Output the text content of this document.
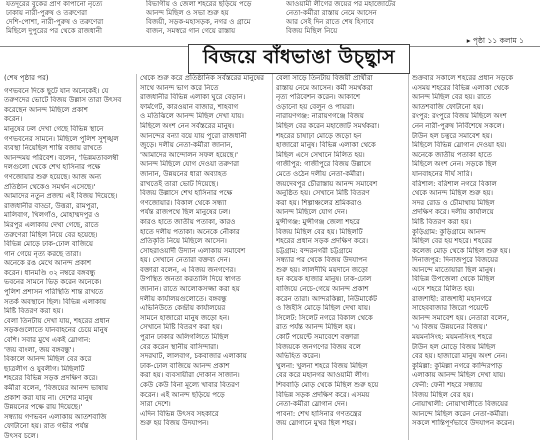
যতদূরের বুকের প্রাণ কাপানো নৃত্যে

ঢাকায় নারী-পুরুষ ও তরুণেরা

দেশি-পোশা, নারী-পুরুষ ও তরুণেরা

মিছিলে দুপুরের পর থেকে রাজধানী

বিভাগীয় ও জেলা শহরের ছড়িয়ে পড়ে

আনন্দ মিছিল ও সভা শুরু হয়

বিজয়ী, সড়ক-মহাসড়ক, নগর ও গ্রামে

বাজন, সমস্বরে গান গেয়ে রাস্তায়

আওয়ামী লীগের জয়ের পর মহাজোটের

নেতা-কর্মীরা রাস্তায় নেমে আসেন

আর সেই দিন রাতে শেষ হিসাবে

বিজয় মিছিল নিয়ে

▸ পৃষ্ঠা ১১ কলাম ১
বিজয়ে বাঁধভাঙা উচ্ছ্বাস

(শেষ পৃষ্ঠার পর)

গণভবনে দিকে ছুটে যান অনেকেই। যে

তরুণদের ভোটে বিজয় উল্লাস তারা উৎসব

করেছেন আনন্দ মিছিলে প্রকাশ

করেন।

মানুষের ঢল দেখা গেছে বিভিন্ন স্থানে

গণভবনের সামনে। মিছিলে পুলিশ সুশৃঙ্খল

ব্যবস্থা নিয়েছিল শান্তি বজায় রাখতে

আনন্দময় পরিবেশ। বলেন, 'ভিন্নমতাবলম্বী

দলগুলো থেকে শেখ হাসিনার পক্ষে

গণজোয়ার শুরু হয়েছে। আজ অন্য

প্রতিষ্ঠান থেকেও সমর্থন এসেছে।'

আমাদের নতুন প্রজন্ম এই বিজয় দিয়েছে।

রাজধানীর বাড্ডা, উত্তরা, রামপুরা,

মালিবাগ, খিলগাঁও, মোহাম্মদপুর ও

মিরপুর এলাকায় দেখা গেছে, রাতে

তরুণেরা মিছিল নিয়ে বের হয়েছে।

বিভিন্ন মোড়ে ঢাক-ঢোল বাজিয়ে

গান গেয়ে নৃত্য করছে তারা।

অনেকে রঙ মেখে আনন্দ প্রকাশ

করেন। ধানমণ্ডি ৩২ নম্বরে বঙ্গবন্ধু

ভবনের সামনে ভিড় করেন অনেকে।

পুলিশ প্রশাসন পরিস্থিতি শান্ত রাখতে

সতর্ক অবস্থানে ছিল। বিভিন্ন এলাকায়

মিষ্টি বিতরণ করা হয়।

বেলা তিনটায় দেখা যায়, শহরের প্রধান

সড়কগুলোতে যানবাহনের চেয়ে মানুষ

বেশি। সবার মুখে একই স্লোগান:

'জয় বাংলা, জয় বঙ্গবন্ধু'।

বিকালে আনন্দ মিছিল বের করে

ছাত্রলীগ ও যুবলীগ। মিছিলটি

শহরের বিভিন্ন সড়ক প্রদক্ষিণ করে।

কর্মীরা বলেন, 'বিজয়ের আনন্দ ভাষায়

প্রকাশ করা যায় না। দেশের মানুষ

উন্নয়নের পক্ষে রায় দিয়েছে।'

সন্ধ্যায় গণভবন এলাকায় আতশবাজি

ফোটানো হয়। রাত গভীর পর্যন্ত

উৎসব চলে।

থেকে শুরু করে প্রতিষ্ঠানিক সর্বস্তরের মানুষের

সাথে আনন্দ ভাগ করে নিতে

রাজধানীর বিভিন্ন এলাকা ঘুরে বেড়ান।

ফার্মগেট, কারওয়ান বাজার, শাহবাগ

ও মতিঝিলে আনন্দ মিছিল দেখা যায়।

মিছিলে অংশ নেন সর্বস্তরের মানুষ।

আনন্দের বন্যা বয়ে যায় পুরো রাজধানী

জুড়ে। দলীয় নেতা-কর্মীরা জানান,

'আমাদের আন্দোলন সফল হয়েছে।'

আনন্দ মিছিলে যোগ দেওয়া তরুণরা

জানান, উন্নয়নের ধারা অব্যাহত

রাখতেই তারা ভোট দিয়েছে।

বিজয় উল্লাসে শেখ হাসিনার পক্ষে

গণজোয়ার। বিকাল থেকে সন্ধ্যা

পর্যন্ত রাজপথে ছিল মানুষের ঢল।

কারও হাতে জাতীয় পতাকা, কারও

হাতে দলীয় পতাকা। অনেকে নৌকার

প্রতিকৃতি নিয়ে মিছিলে আসেন।

সোহরাওয়ার্দী উদ্যান এলাকায় সমাবেশ

হয়। সেখানে নেতারা বক্তব্য দেন।

বক্তারা বলেন, এ বিজয় জনগণের।

উপস্থিত জনতা করতালি দিয়ে স্বাগত

জানান। রাতে আলোকসজ্জা করা হয়

দলীয় কার্যালয়গুলোতে। বঙ্গবন্ধু

এভিনিউতে কেন্দ্রীয় কার্যালয়ের

সামনে হাজারো মানুষ জড়ো হন।

সেখানে মিষ্টি বিতরণ করা হয়।

পুরান ঢাকার অলিগলিতে মিছিল

বের করেন স্থানীয় বাসিন্দারা।

সদরঘাট, লালবাগ, চকবাজার এলাকায়

ঢাক-ঢোল বাজিয়ে আনন্দ প্রকাশ

করা হয়। ব্যবসায়ীরা দোকান সাজান।

কেউ কেউ বিনা মূল্যে খাবার বিতরণ

করেন। এই আনন্দ ছড়িয়ে পড়ে

সারা দেশে।

এদিন বিভিন্ন উৎসব সহকারে

শুরু হয় বিজয় উদযাপন।

বেলা সাড়ে তিনটায় বিজয়ী প্রার্থীরা

রাস্তায় নেমে আসেন। কর্মী সমর্থকরা

নৃত্য পরিবেশন করেন। আকাশে

ওড়ানো হয় বেলুন ও পায়রা।

নারায়ণগঞ্জ: নারায়ণগঞ্জে বিজয়

মিছিল বের করেন মহাজোট সমর্থকরা।

শহরের চাষাঢ়া মোড়ে জড়ো হন

হাজারো মানুষ। বিভিন্ন এলাকা থেকে

মিছিল এসে সেখানে মিলিত হয়।

গাজীপুর: গাজীপুরে বিজয় উল্লাসে

মেতে ওঠেন দলীয় নেতা-কর্মীরা।

জয়দেবপুর চৌরাস্তায় আনন্দ সমাবেশ

অনুষ্ঠিত হয়। সেখানে মিষ্টি বিতরণ

করা হয়। শিল্পাঞ্চলের শ্রমিকরাও

আনন্দ মিছিলে যোগ দেন।

মুন্সীগঞ্জ: মুন্সীগঞ্জ জেলা শহরে

বিজয় মিছিল বের হয়। মিছিলটি

শহরের প্রধান সড়ক প্রদক্ষিণ করে।

চট্টগ্রাম: বন্দরনগরী চট্টগ্রামে

সন্ধ্যার পর থেকে বিজয় উদযাপন

শুরু হয়। লালদীঘি ময়দানে জড়ো

হন কয়েক হাজার মানুষ। ঢাক-ঢোল

বাজিয়ে নেচে-গেয়ে আনন্দ প্রকাশ

করেন তারা। আন্দরকিল্লা, নিউমার্কেট

ও জিইসি মোড়ে মিছিল দেখা যায়।

সিলেট: সিলেট নগরে বিকাল থেকে

রাত পর্যন্ত আনন্দ মিছিল হয়।

কোর্ট পয়েন্টে সমাবেশে বক্তারা

বিজয়কে জনগণের বিজয় বলে

অভিহিত করেন।

খুলনা: খুলনা শহরে বিজয় মিছিল

বের করে মহানগর আওয়ামী লীগ।

শিববাড়ি মোড় থেকে মিছিল শুরু হয়ে

বিভিন্ন সড়ক প্রদক্ষিণ করে। এসময়

নেতা-কর্মীরা স্লোগান দেন।

পাবনা: শেখ হাসিনার গণতন্ত্রের

জয় স্লোগানে মুখর ছিল শহর।

শুক্রবার সকালে শহরের প্রধান সড়কে

এসময় শহরের বিভিন্ন এলাকা থেকে

আনন্দ মিছিল বের হয়। রাতে

আতশবাজি ফোটানো হয়।

রংপুর: রংপুরে বিজয় মিছিলে অংশ

নেন নারী-পুরুষ নির্বিশেষে সকলে।

টাউন হল চত্বরে সমাবেশ হয়।

মিছিলে বিভিন্ন স্লোগান দেওয়া হয়।

অনেকে জাতীয় পতাকা হাতে

মিছিলে অংশ নেন। সড়কে ছিল

যানবাহনের দীর্ঘ সারি।

বরিশাল: বরিশাল নগরে বিকাল

থেকে আনন্দ মিছিল শুরু হয়।

সদর রোড ও চৌমাথায় মিছিল

প্রদক্ষিণ করে। দলীয় কার্যালয়ে

মিষ্টি বিতরণ করা হয়।

কুড়িগ্রাম: কুড়িগ্রামে আনন্দ

মিছিল বের হয় শহরে। শহরের

কলেজ মোড় থেকে মিছিল শুরু হয়।

দিনাজপুর: দিনাজপুরে বিজয়ের

আনন্দে মাতোয়ারা ছিল মানুষ।

বিভিন্ন উপজেলা থেকে মিছিল

এসে শহরে মিলিত হয়।

রাজশাহী: রাজশাহী মহানগরে

সাহেববাজার জিরো পয়েন্টে

আনন্দ সমাবেশ হয়। নেতারা বলেন,

'এ বিজয় উন্নয়নের বিজয়।'

ময়মনসিংহ: ময়মনসিংহ শহরে

টাউন হল মোড়ে বিজয় মিছিল

বের হয়। হাজারো মানুষ অংশ নেন।

কুমিল্লা: কুমিল্লা নগরে কান্দিরপাড়

এলাকায় আনন্দ মিছিল দেখা যায়।

ফেনী: ফেনী শহরে সন্ধ্যায়

বিজয় মিছিল বের হয়।

নোয়াখালী: নোয়াখালীতে বিজয়ের

আনন্দে মিছিল করেন নেতা-কর্মীরা।

সকলে শান্তিপূর্ণভাবে উদযাপন করেন।
